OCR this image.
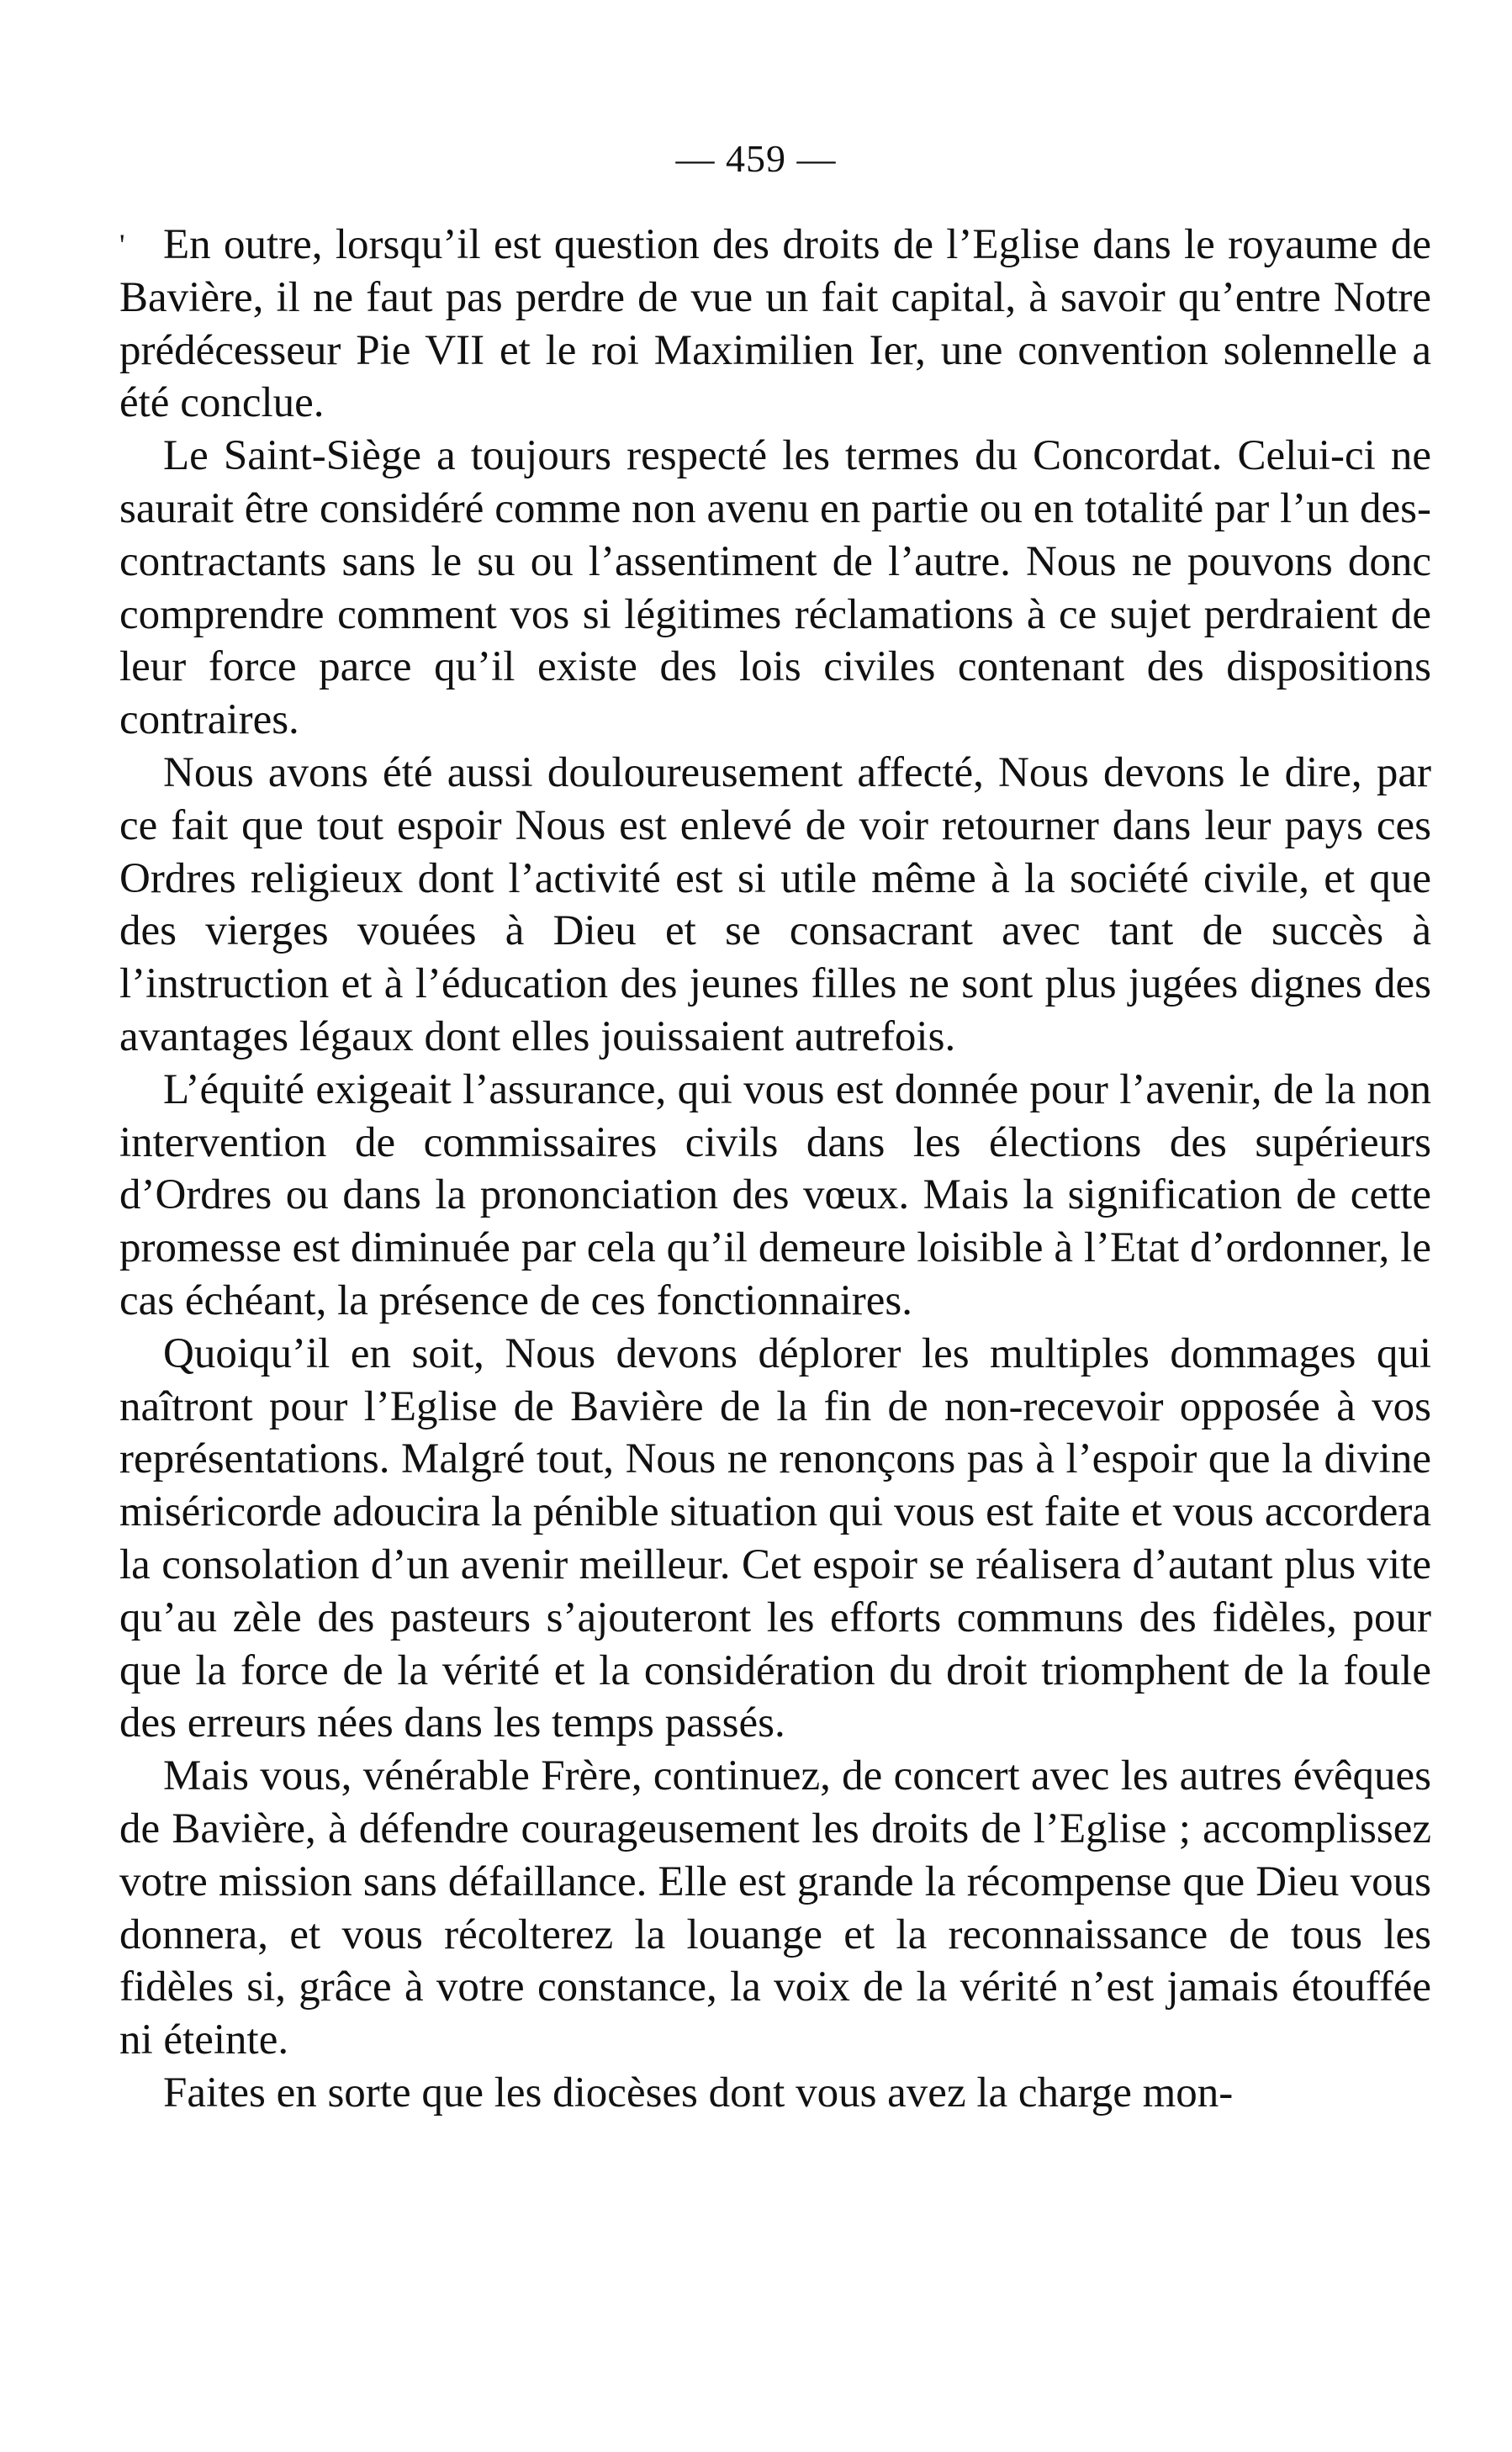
— 459 —

' En outre, lorsqu’il est question des droits de l’Eglise dans le royaume de Bavière, il ne faut pas perdre de vue un fait capital, à savoir qu’entre Notre prédécesseur Pie VII et le roi Maximilien Ier, une convention solennelle a été conclue.

Le Saint-Siège a toujours respecté les termes du Concordat. Celui-ci ne saurait être considéré comme non avenu en partie ou en totalité par l’un des-contractants sans le su ou l’assentiment de l’autre. Nous ne pouvons donc comprendre comment vos si légitimes réclamations à ce sujet perdraient de leur force parce qu’il existe des lois civiles contenant des dispositions contraires.

Nous avons été aussi douloureusement affecté, Nous devons le dire, par ce fait que tout espoir Nous est enlevé de voir retourner dans leur pays ces Ordres religieux dont l’activité est si utile même à la société civile, et que des vierges vouées à Dieu et se consacrant avec tant de succès à l’instruction et à l’éducation des jeunes filles ne sont plus jugées dignes des avantages légaux dont elles jouissaient autrefois.

L’équité exigeait l’assurance, qui vous est donnée pour l’avenir, de la non intervention de commissaires civils dans les élections des supérieurs d’Ordres ou dans la prononciation des vœux. Mais la signification de cette promesse est diminuée par cela qu’il demeure loisible à l’Etat d’ordonner, le cas échéant, la présence de ces fonctionnaires.

Quoiqu’il en soit, Nous devons déplorer les multiples dommages qui naîtront pour l’Eglise de Bavière de la fin de non-recevoir opposée à vos représentations. Malgré tout, Nous ne renonçons pas à l’espoir que la divine miséricorde adoucira la pénible situation qui vous est faite et vous accordera la consolation d’un avenir meilleur. Cet espoir se réalisera d’autant plus vite qu’au zèle des pasteurs s’ajouteront les efforts communs des fidèles, pour que la force de la vérité et la considération du droit triomphent de la foule des erreurs nées dans les temps passés.

Mais vous, vénérable Frère, continuez, de concert avec les autres évêques de Bavière, à défendre courageusement les droits de l’Eglise ; accomplissez votre mission sans défaillance. Elle est grande la récompense que Dieu vous donnera, et vous récolterez la louange et la reconnaissance de tous les fidèles si, grâce à votre constance, la voix de la vérité n’est jamais étouffée ni éteinte.

Faites en sorte que les diocèses dont vous avez la charge mon-
